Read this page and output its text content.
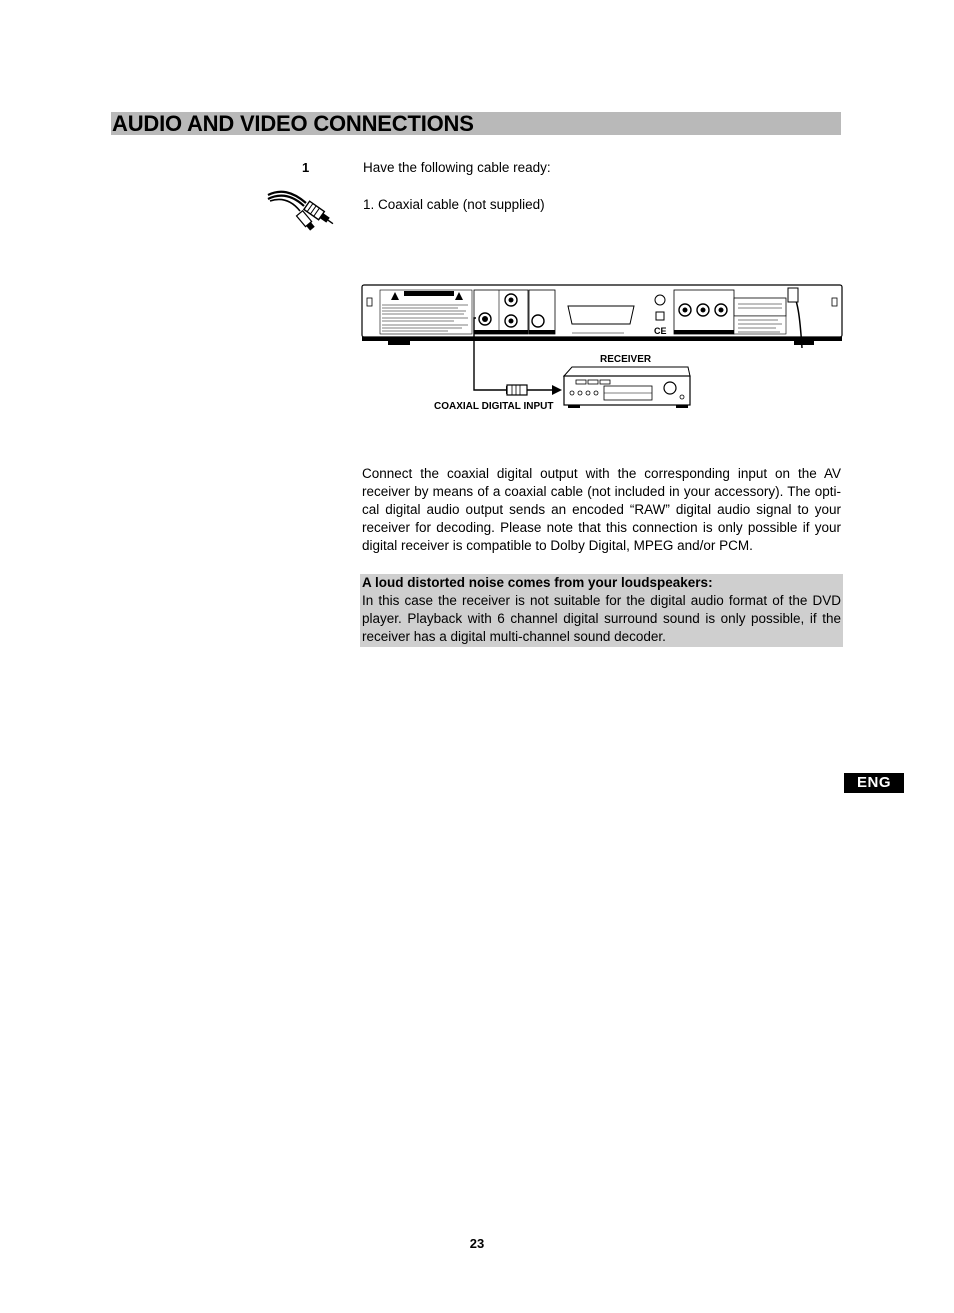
AUDIO AND VIDEO CONNECTIONS
1	Have the following cable ready:
1. Coaxial cable (not supplied)
CE
RECEIVER
COAXIAL DIGITAL INPUT

Connect the coaxial digital output with the corresponding input on the AV receiver by means of a coaxial cable (not included in your accessory). The optical digital audio output sends an encoded “RAW” digital audio signal to your receiver for decoding. Please note that this connection is only possible if your digital receiver is compatible to Dolby Digital, MPEG and/or PCM.

A loud distorted noise comes from your loudspeakers:

In this case the receiver is not suitable for the digital audio format of the DVD player. Playback with 6 channel digital surround sound is only possible, if the receiver has a digital multi-channel sound decoder.

ENG
23
